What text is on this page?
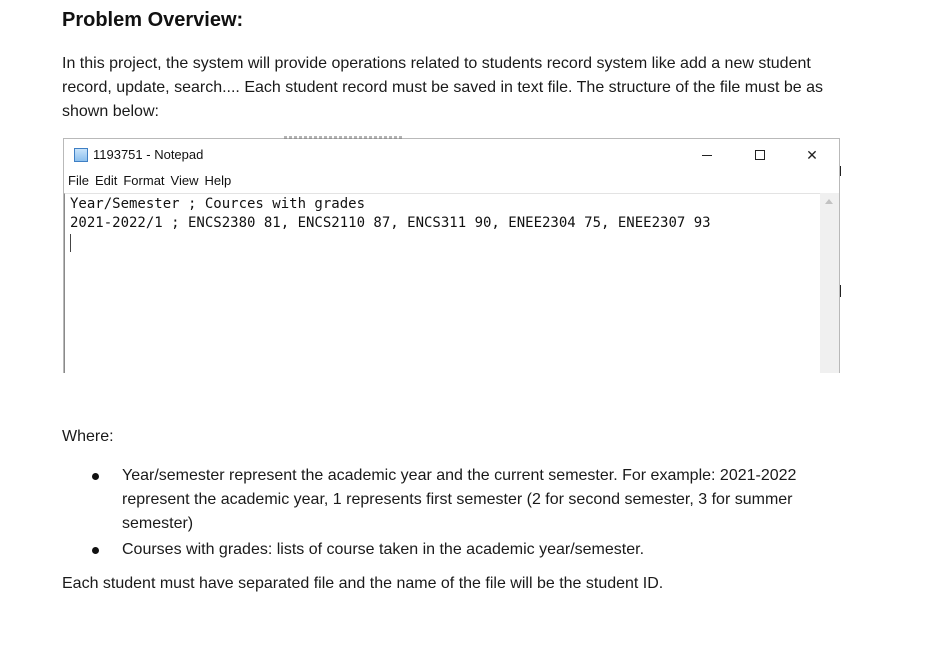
Problem Overview:

In this project, the system will provide operations related to students record system like add a new student record, update, search.... Each student record must be saved in text file. The structure of the file must be as shown below:

1193751 - Notepad	✕
File Edit Format View Help
Year/Semester ; Cources with grades
2021-2022/1 ; ENCS2380 81, ENCS2110 87, ENCS311 90, ENEE2304 75, ENEE2307 93

Where:

Year/semester represent the academic year and the current semester. For example: 2021-2022 represent the academic year, 1 represents first semester (2 for second semester, 3 for summer semester)
Courses with grades: lists of course taken in the academic year/semester.

Each student must have separated file and the name of the file will be the student ID.
